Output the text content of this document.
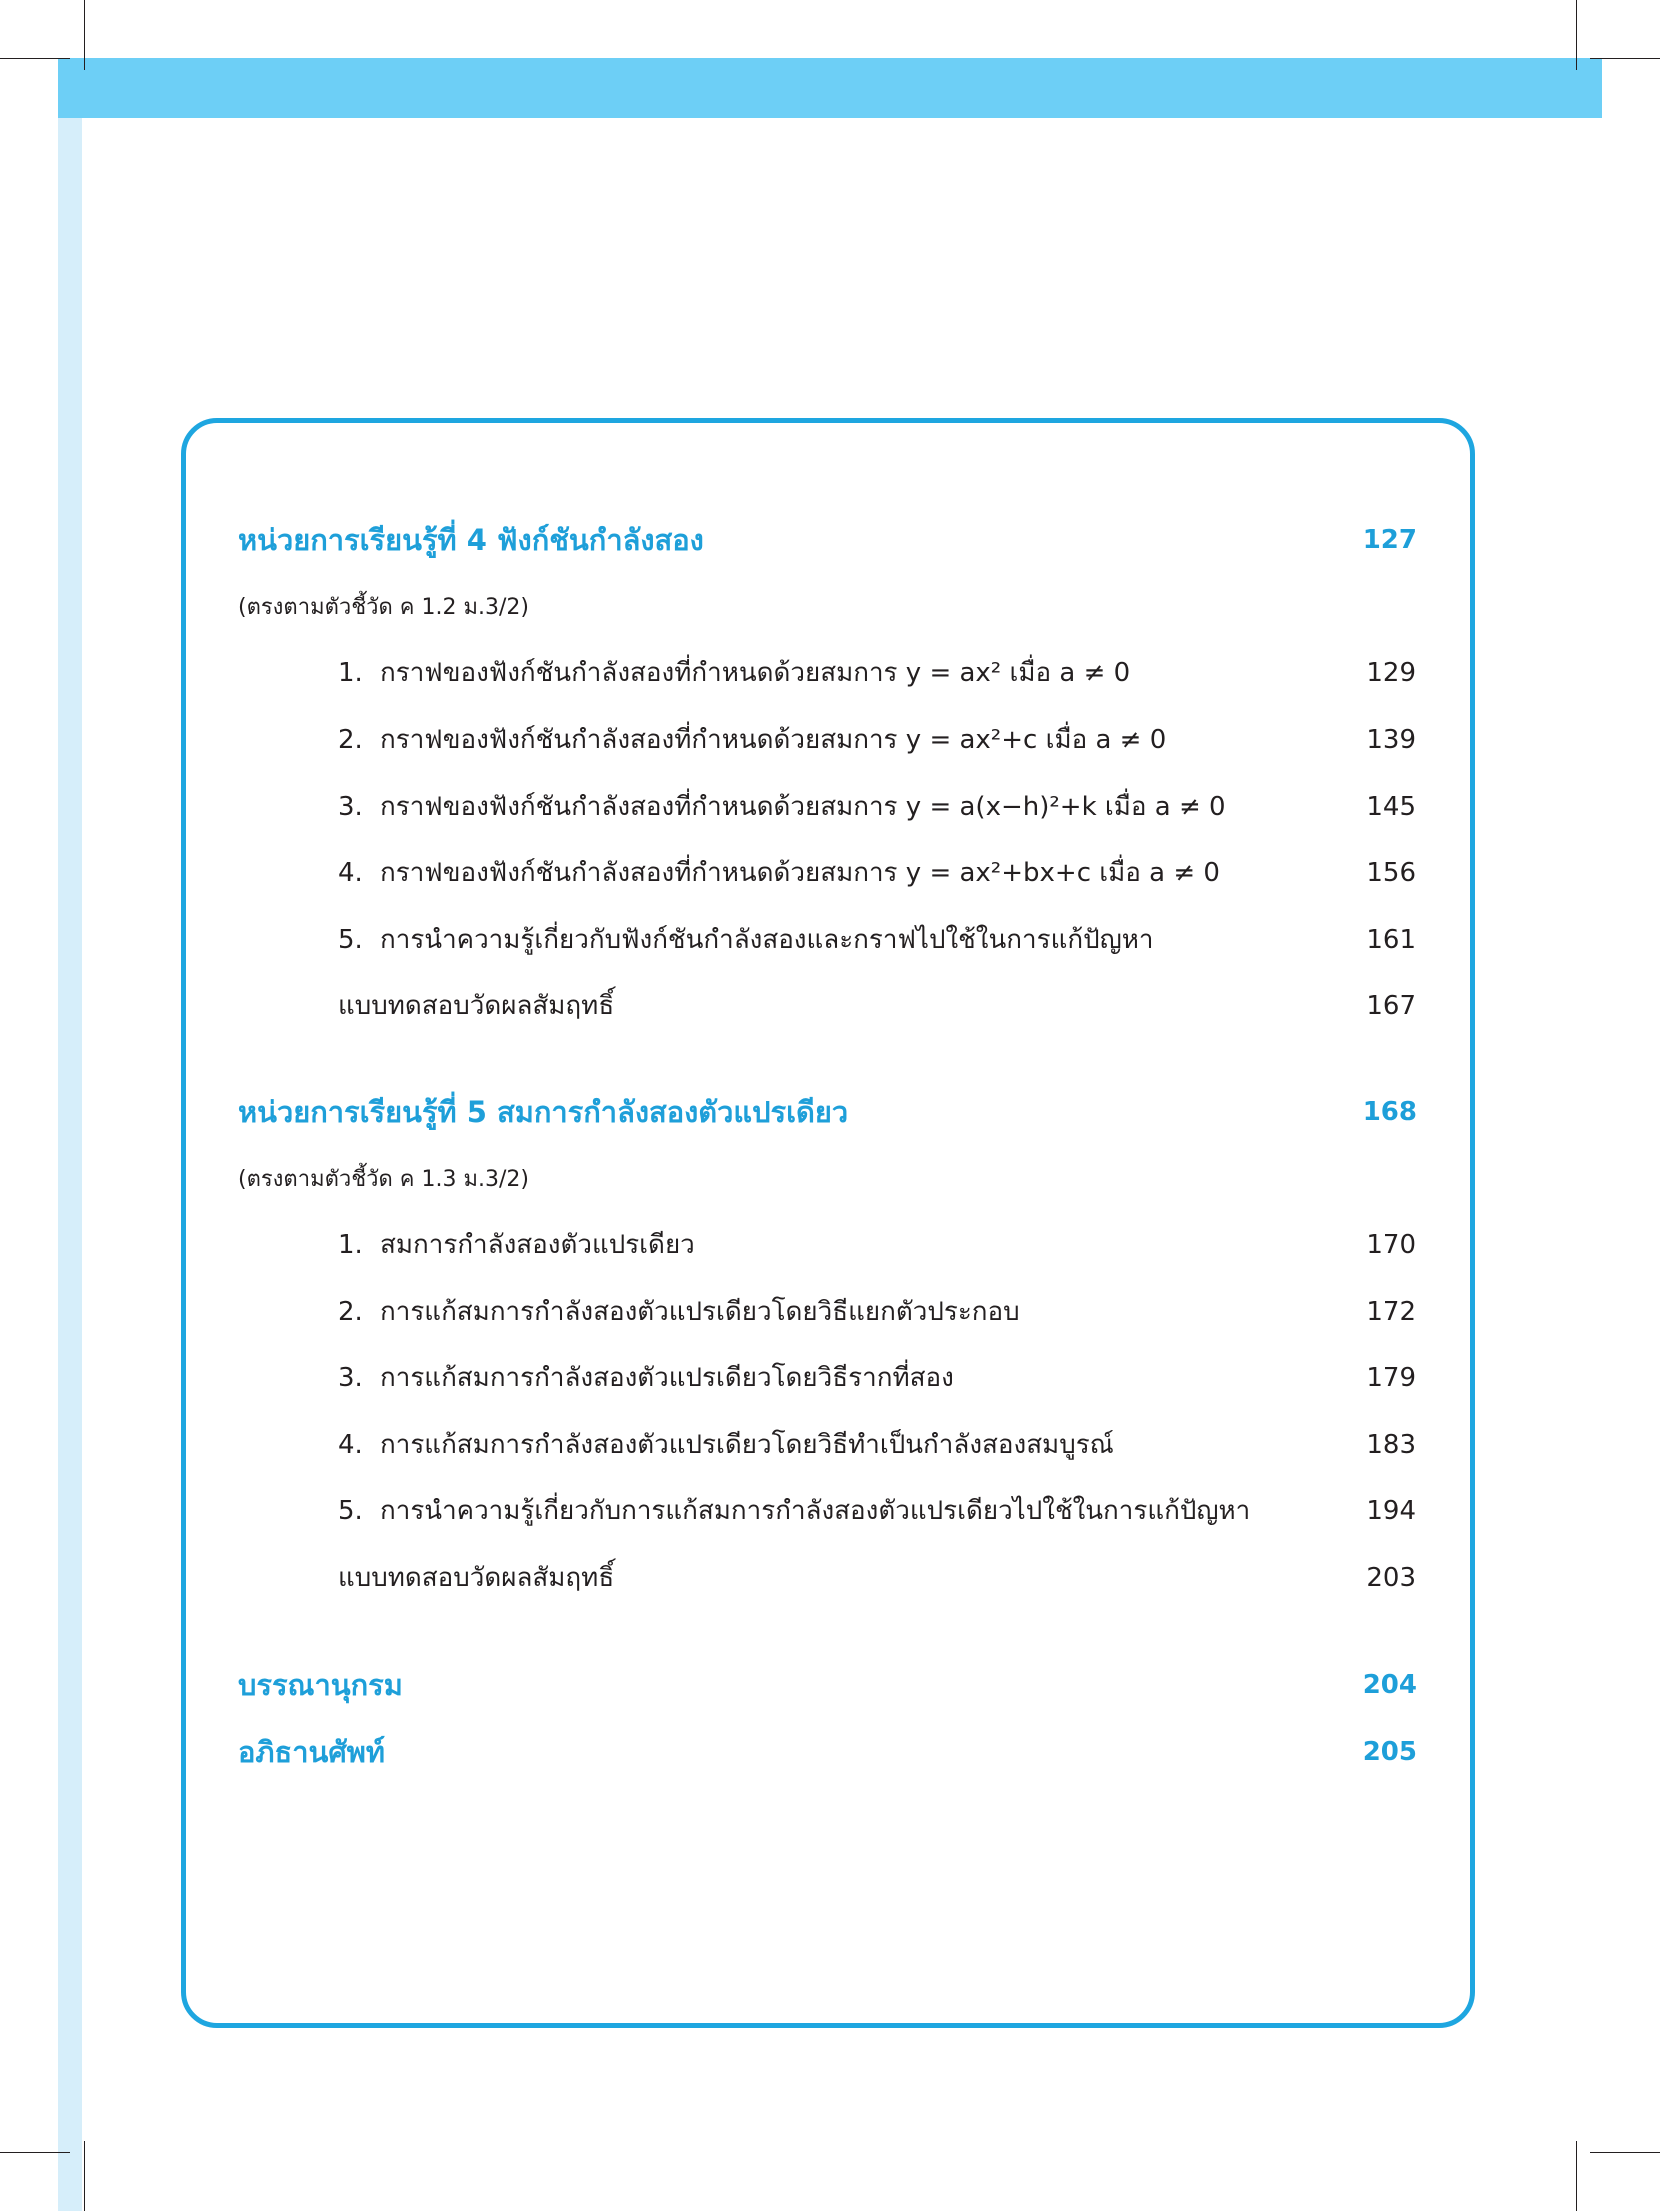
หน่วยการเรียนรู้ที่ 4 ฟังก์ชันกำลังสอง	127
(ตรงตามตัวชี้วัด ค 1.2 ม.3/2)
1. กราฟของฟังก์ชันกำลังสองที่กำหนดด้วยสมการ y = ax² เมื่อ a ≠ 0	129
2. กราฟของฟังก์ชันกำลังสองที่กำหนดด้วยสมการ y = ax²+c เมื่อ a ≠ 0	139
3. กราฟของฟังก์ชันกำลังสองที่กำหนดด้วยสมการ y = a(x−h)²+k เมื่อ a ≠ 0	145
4. กราฟของฟังก์ชันกำลังสองที่กำหนดด้วยสมการ y = ax²+bx+c เมื่อ a ≠ 0	156
5. การนำความรู้เกี่ยวกับฟังก์ชันกำลังสองและกราฟไปใช้ในการแก้ปัญหา	161
แบบทดสอบวัดผลสัมฤทธิ์	167
หน่วยการเรียนรู้ที่ 5 สมการกำลังสองตัวแปรเดียว	168
(ตรงตามตัวชี้วัด ค 1.3 ม.3/2)
1. สมการกำลังสองตัวแปรเดียว	170
2. การแก้สมการกำลังสองตัวแปรเดียวโดยวิธีแยกตัวประกอบ	172
3. การแก้สมการกำลังสองตัวแปรเดียวโดยวิธีรากที่สอง	179
4. การแก้สมการกำลังสองตัวแปรเดียวโดยวิธีทำเป็นกำลังสองสมบูรณ์	183
5. การนำความรู้เกี่ยวกับการแก้สมการกำลังสองตัวแปรเดียวไปใช้ในการแก้ปัญหา	194
แบบทดสอบวัดผลสัมฤทธิ์	203
บรรณานุกรม	204
อภิธานศัพท์	205
